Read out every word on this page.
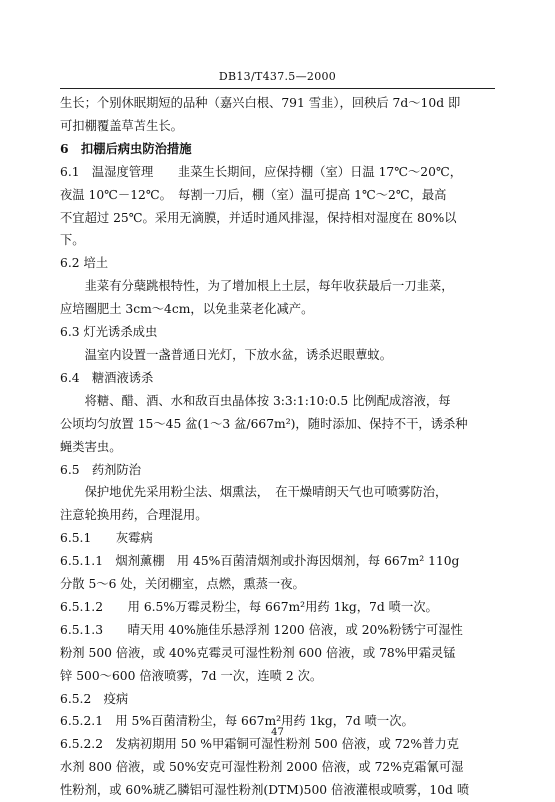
DB13/T437.5—2000

生长；个别休眠期短的品种（嘉兴白根、791 雪韭），回秧后 7d～10d 即

可扣棚覆盖草苫生长。

6　扣棚后病虫防治措施

6.1　温湿度管理　　韭菜生长期间，应保持棚（室）日温 17℃～20℃，

夜温 10℃－12℃。　每割一刀后，棚（室）温可提高 1℃～2℃，最高

不宜超过 25℃。采用无滴膜，并适时通风排湿，保持相对湿度在 80%以

下。

6.2 培土

韭菜有分蘖跳根特性，为了增加根上土层，每年收获最后一刀韭菜，

应培圈肥土 3cm～4cm，以免韭菜老化减产。

6.3 灯光诱杀成虫

温室内设置一盏普通日光灯，下放水盆，诱杀迟眼蕈蚊。

6.4　糖酒液诱杀

将糖、醋、酒、水和敌百虫晶体按 3:3:1:10:0.5 比例配成溶液，每

公顷均匀放置 15～45 盆(1～3 盆/667m²)，随时添加、保持不干，诱杀种

蝇类害虫。

6.5　药剂防治

保护地优先采用粉尘法、烟熏法，　在干燥晴朗天气也可喷雾防治，

注意轮换用药，合理混用。

6.5.1　　灰霉病

6.5.1.1　烟剂薰棚　用 45%百菌清烟剂或扑海因烟剂，每 667m² 110g

分散 5～6 处，关闭棚室，点燃，熏蒸一夜。

6.5.1.2　　用 6.5%万霉灵粉尘，每 667m²用药 1kg，7d 喷一次。

6.5.1.3　　晴天用 40%施佳乐悬浮剂 1200 倍液，或 20%粉锈宁可湿性

粉剂 500 倍液，或 40%克霉灵可湿性粉剂 600 倍液，或 78%甲霜灵锰

锌 500～600 倍液喷雾，7d 一次，连喷 2 次。

6.5.2　疫病

6.5.2.1　用 5%百菌清粉尘，每 667m²用药 1kg，7d 喷一次。

6.5.2.2　发病初期用 50 %甲霜铜可湿性粉剂 500 倍液，或 72%普力克

水剂 800 倍液，或 50%安克可湿性粉剂 2000 倍液，或 72%克霜氰可湿

性粉剂，或 60%琥乙膦铝可湿性粉剂(DTM)500 倍液灌根或喷雾，10d 喷

47
